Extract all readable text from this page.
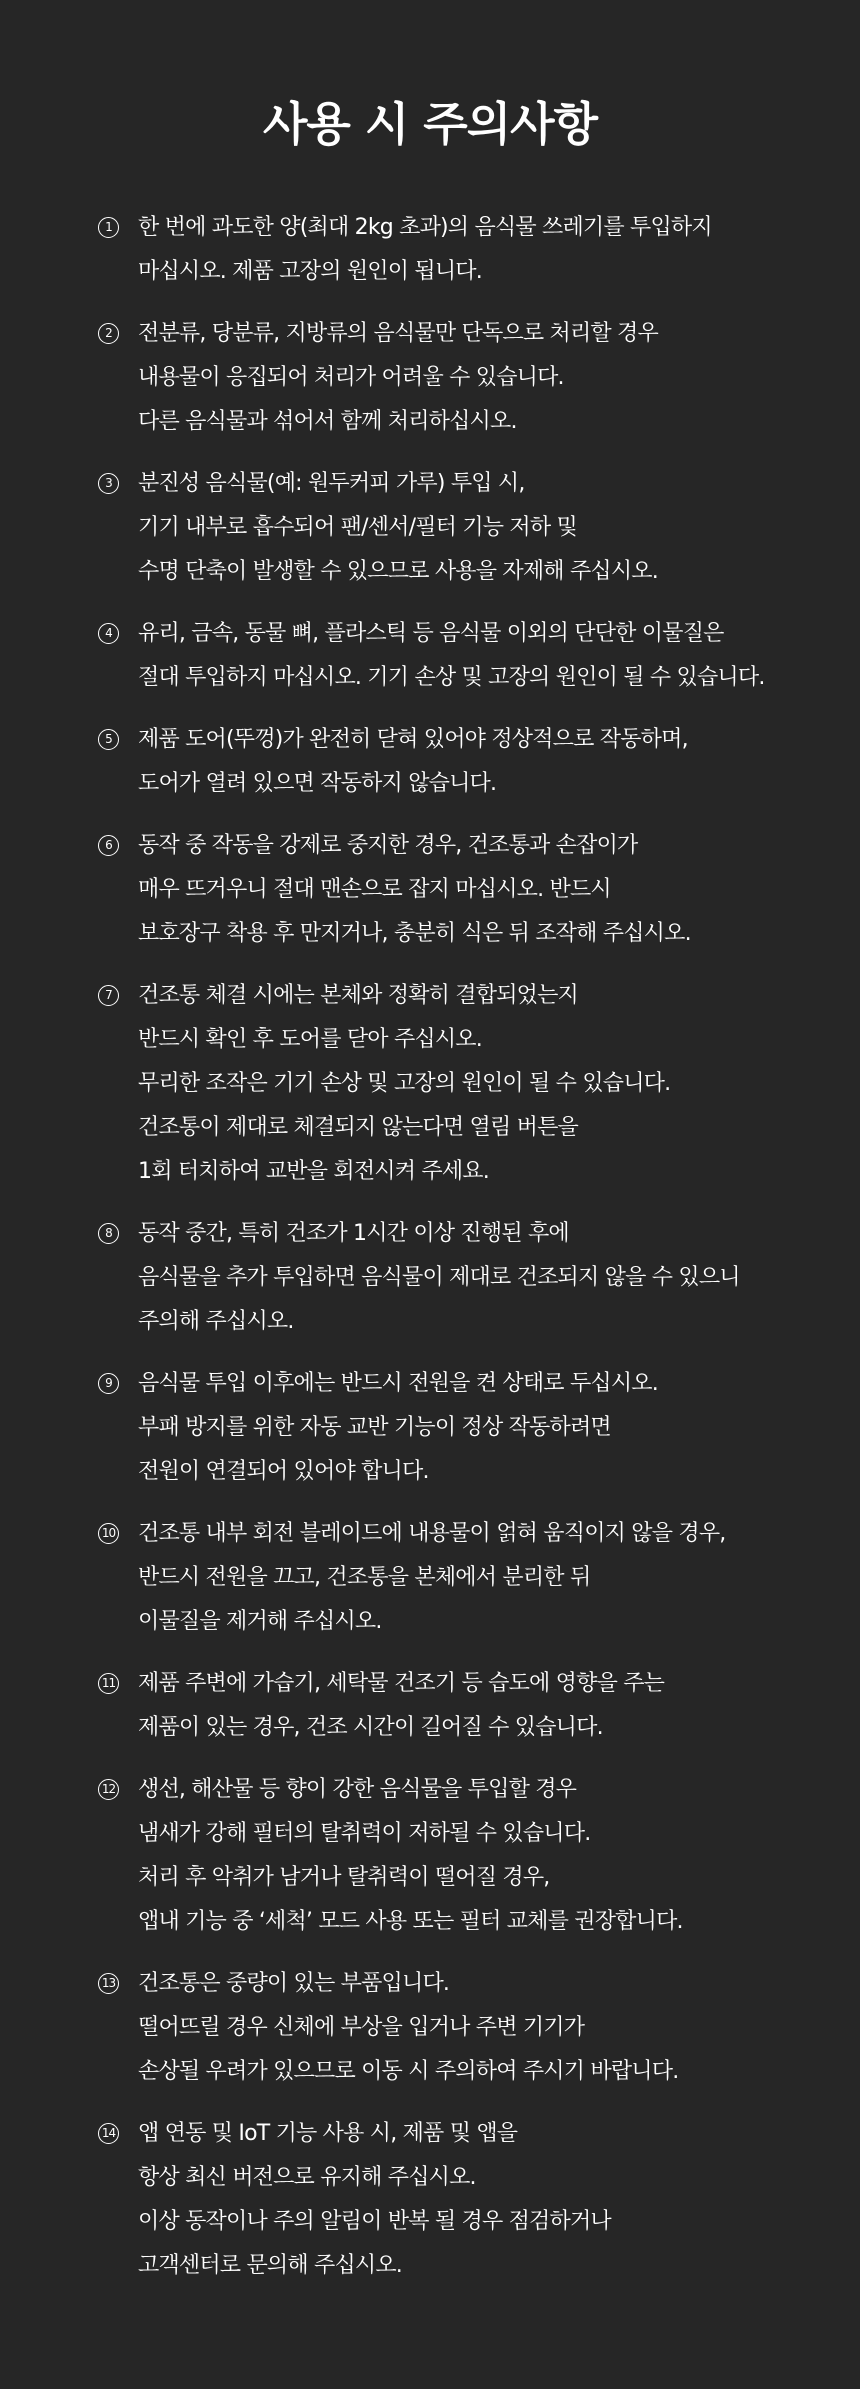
사용 시 주의사항
1	한 번에 과도한 양(최대 2kg 초과)의 음식물 쓰레기를 투입하지
마십시오. 제품 고장의 원인이 됩니다.
2	전분류, 당분류, 지방류의 음식물만 단독으로 처리할 경우
내용물이 응집되어 처리가 어려울 수 있습니다.
다른 음식물과 섞어서 함께 처리하십시오.
3	분진성 음식물(예: 원두커피 가루) 투입 시,
기기 내부로 흡수되어 팬/센서/필터 기능 저하 및
수명 단축이 발생할 수 있으므로 사용을 자제해 주십시오.
4	유리, 금속, 동물 뼈, 플라스틱 등 음식물 이외의 단단한 이물질은
절대 투입하지 마십시오. 기기 손상 및 고장의 원인이 될 수 있습니다.
5	제품 도어(뚜껑)가 완전히 닫혀 있어야 정상적으로 작동하며,
도어가 열려 있으면 작동하지 않습니다.
6	동작 중 작동을 강제로 중지한 경우, 건조통과 손잡이가
매우 뜨거우니 절대 맨손으로 잡지 마십시오. 반드시
보호장구 착용 후 만지거나, 충분히 식은 뒤 조작해 주십시오.
7	건조통 체결 시에는 본체와 정확히 결합되었는지
반드시 확인 후 도어를 닫아 주십시오.
무리한 조작은 기기 손상 및 고장의 원인이 될 수 있습니다.
건조통이 제대로 체결되지 않는다면 열림 버튼을
1회 터치하여 교반을 회전시켜 주세요.
8	동작 중간, 특히 건조가 1시간 이상 진행된 후에
음식물을 추가 투입하면 음식물이 제대로 건조되지 않을 수 있으니
주의해 주십시오.
9	음식물 투입 이후에는 반드시 전원을 켠 상태로 두십시오.
부패 방지를 위한 자동 교반 기능이 정상 작동하려면
전원이 연결되어 있어야 합니다.
10 건조통 내부 회전 블레이드에 내용물이 얽혀 움직이지 않을 경우,
반드시 전원을 끄고, 건조통을 본체에서 분리한 뒤
이물질을 제거해 주십시오.
11 제품 주변에 가습기, 세탁물 건조기 등 습도에 영향을 주는
제품이 있는 경우, 건조 시간이 길어질 수 있습니다.
12 생선, 해산물 등 향이 강한 음식물을 투입할 경우
냄새가 강해 필터의 탈취력이 저하될 수 있습니다.
처리 후 악취가 남거나 탈취력이 떨어질 경우,
앱내 기능 중 ‘세척’ 모드 사용 또는 필터 교체를 권장합니다.
13 건조통은 중량이 있는 부품입니다.
떨어뜨릴 경우 신체에 부상을 입거나 주변 기기가
손상될 우려가 있으므로 이동 시 주의하여 주시기 바랍니다.
14 앱 연동 및 IoT 기능 사용 시, 제품 및 앱을
항상 최신 버전으로 유지해 주십시오.
이상 동작이나 주의 알림이 반복 될 경우 점검하거나
고객센터로 문의해 주십시오.
